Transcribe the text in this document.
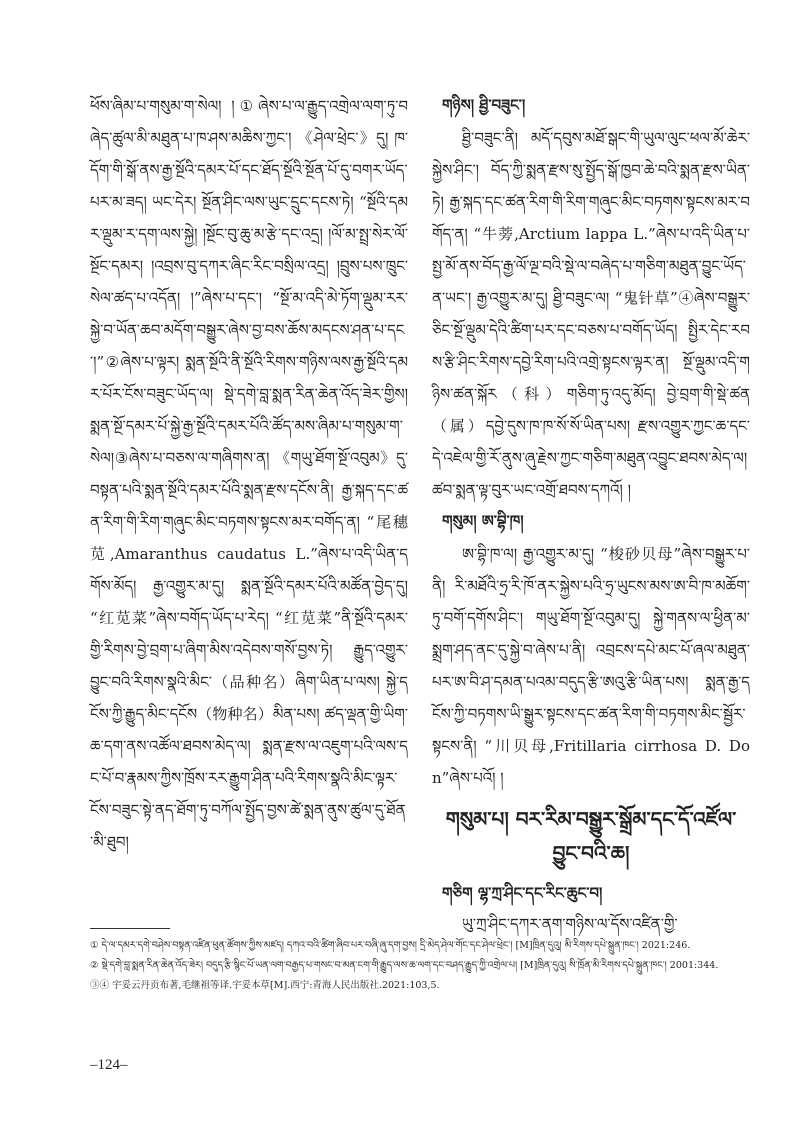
ཕོས་ཞིམ་པ་གསུམ་ག་སེལ། །①ཞེས་པ་ལ་རྒྱུད་འགྲེལ་ལག་ཏུ་བཞེད་ཚུལ་མི་མཐུན་པ་ཁ་ཤས་མཆིས་ཀྱང་། 《ཤེལ་ཕྲེང་》དུ། ཁ་དོག་གི་སྒོ་ནས་རྒྱ་སྔོའི་དམར་པོ་དང་ཐོད་སྔོའི་སྔོན་པོ་དུ་བགར་ཡོད་པར་མ་ཟད། ཡང་དེར། སྔོན་ཤིང་ལས་ཡུང་དྲུང་དངས་ཏེ། “སྔོའི་དམར་ལྡུམ་ར་དག་ལས་སྐྱེ། །སྔོང་བུ་ཆུ་མ་རྩེ་དང་འདྲ། །ལོ་མ་སྤྲ་སེར་ལོ་སྔོང་དམར། །འབྲས་བུ་དཀར་ཞིང་རིང་བསྲིལ་འདྲ། །བྲུས་པས་ཁྲུང་སེལ་ཚད་པ་འདོན། །”ཞེས་པ་དང་། “སྔོ་མ་འདི་མེ་ཏོག་ལྡུམ་རར་སྐྱེ་བ་ཡོན་ཆབ་མདོག་བསྒྱུར་ཞེས་བྱ་བས་ཆོས་མདངས་ཤན་པ་དང་།”②ཞེས་པ་ལྟར། སྨན་སྔོའི་ནི་སྔོའི་རིགས་གཉིས་ལས་རྒྱ་སྔོའི་དམར་པོར་ངོས་བཟུང་ཡོད་ལ། སྡེ་དགེ་བླ་སྨན་རིན་ཆེན་འོད་ཟེར་གྱིས། སྨན་སྔོ་དམར་པོ་སྐྱེ་རྒྱ་སྔོའི་དམར་པོའི་ཚོད་མས་ཞིམ་པ་གསུམ་ག་སེལ།③ཞེས་པ་བཅས་ལ་གཞིགས་ན། 《གཡུ་ཐོག་སྔོ་འབུམ》དུ་བསྟན་པའི་སྨན་སྔོའི་དམར་པོའི་སྨན་རྫས་དངོས་ནི། རྒྱ་སྐད་དང་ཚན་རིག་གི་རིག་གཞུང་མིང་བཏགས་སྟངས་མར་བགོད་ན། “尾穗苋,Amaranthus caudatus L.”ཞེས་པ་འདི་ཡིན་དགོས་མོད། རྒྱ་འགྱུར་མ་དུ། སྨན་སྔོའི་དམར་པོའི་མཚོན་བྱེད་དུ། “红苋菜”ཞེས་བགོད་ཡོད་པ་རེད། “红苋菜”ནི་སྔོའི་དམར་གྱི་རིགས་བྱེ་བྲག་པ་ཞིག་མིས་འདེབས་གསོ་བྱས་ཏེ། རྒྱུད་འགྱུར་བྱུང་བའི་རིགས་སྣའི་མིང་（品种名）ཞིག་ཡིན་པ་ལས། སྐྱེ་དངོས་ཀྱི་རྒྱུད་མིང་དངོས（物种名）མིན་པས། ཚད་ལྡན་གྱི་ཡིག་ཆ་དག་ནས་འཚོལ་ཐབས་མེད་ལ། སྨན་རྫས་ལ་འཇུག་པའི་ལས་དང་པོ་བ་རྣམས་ཀྱིས་ཁྲོས་རར་རྒྱུག་ཤིན་པའི་རིགས་སྣའི་མིང་ལྟར་ངོས་བཟུང་སྟེ་ནད་ཐོག་ཏུ་བཀོལ་སྤྱོད་བྱས་ཚེ་སྨན་ནུས་ཚུལ་དུ་ཐོན་མི་ཐུབ།

གཉིས། ཐྱི་བཟུང་།

ཐྱི་བཟུང་ནི། མདོ་དབུས་མཐོ་སྒང་གི་ཡུལ་ལུང་ཕལ་མོ་ཆེར་སྐྱེས་ཤིང་། བོད་ཀྱི་སྨན་རྫས་སུ་སྤྱོད་སྒོ་ཁྱབ་ཆེ་བའི་སྨན་རྫས་ཡིན་ཏེ། རྒྱ་སྐད་དང་ཚན་རིག་གི་རིག་གཞུང་མིང་བཏགས་སྟངས་མར་བགོད་ན། “牛蒡,Arctium lappa L.”ཞེས་པ་འདི་ཡིན་པ་སྤྱ་མོ་ནས་བོད་རྒྱ་ལོ་ལྔ་བའི་སྡེ་ལ་བཞེད་པ་གཅིག་མཐུན་བྱུང་ཡོད་ན་ཡང་། རྒྱ་འགྱུར་མ་དུ། ཐྱི་བཟུང་ལ། “鬼针草”④ཞེས་བསྒྱུར་ཅིང་སྔོ་ལྡུམ་དེའི་ཚིག་པར་དང་བཅས་པ་བགོད་ཡོད། སྤྱིར་དེང་རབས་རྩི་ཤིང་རིགས་དབྱེ་རིག་པའི་འགྲེ་སྟངས་ལྟར་ན། སྔོ་ལྡུམ་འདི་གཉིས་ཚན་སྐོར（科）གཅིག་ཏུ་འདུ་མོད། བྱེ་བྲག་གི་སྡེ་ཚན（属）དབྱེ་དུས་ཁ་ཁ་སོ་སོ་ཡིན་པས། རྫས་འགྱུར་ཀྱང་ཆ་དང་དེ་འཇེལ་གྱི་རོ་ནུས་ཞུ་རྗེས་ཀྱང་གཅིག་མཐུན་འབྱུང་ཐབས་མེད་ལ། ཚབ་སྨན་ལྟ་བུར་ཡང་འགྲོ་ཐབས་དཀའོ། །

གསུམ། ཨ་བྷི་ཁ།

ཨ་བྷི་ཁ་ལ། རྒྱ་འགྱུར་མ་དུ། “梭砂贝母”ཞེས་བསྒྱུར་པ་ནི། རི་མཐོའི་ཧྲ་རི་ཁོ་ནར་སྐྱེས་པའི་ཧྲ་ཡུངས་མས་ཨ་བི་ཁ་མཆོག་ཏུ་བགོ་དགོས་ཤིང་། གཡུ་ཐོག་སྔོ་འབུམ་དུ། སྐྱེ་གནས་ལ་ཕྱིན་མ་སྨྲག་ཤད་ནང་དུ་སྐྱེ་བ་ཞེས་པ་ནི། འབྲངས་དཔེ་མང་པོ་ཞལ་མཐུན་པར་ཨ་བི་ཤ་དམན་པའམ་བདུད་རྩི་ཨའུ་རྩི་ཡིན་པས། སྨན་རྒྱ་དངོས་ཀྱི་བཏགས་ཡི་སྒྱུར་སྟངས་དང་ཚན་རིག་གི་བཏགས་མིང་སྦྱོར་སྟངས་ནི། “川贝母,Fritillaria cirrhosa D. Don”ཞེས་པའོ། །

གསུམ་པ། བར་རིམ་བསྒྱུར་སྒྲོམ་དང་དོ་འཛོལ་བྱུང་བའི་ཆ།

གཅིག ལྷ་ཀྲ་ཤིང་དང་རིང་ཆུང་བ།

ཡུ་ཀྲ་ཤིང་དཀར་ནག་གཉིས་ལ་དོས་འཛིན་གྱི་

① དེ་ལ་དམར་དགེ་བཤེས་བསྟན་འཛིན་ཕུན་ཚོགས་ཀྱིས་མཛད། དཀའ་བའི་ཚིག་ཞིབ་པར་བཞི་ཞུ་དག་བྱས། དྲི་མེད་ཤེལ་གོང་དང་ཤེལ་ཕྲེང་། [M]ཁྲིན་དུའུ། མི་རིགས་དཔེ་སྐྲུན་ཁང་། 2021:246.

② སྡེ་དགེ་བླ་སྨན་རིན་ཆེན་འོད་ཟེར། བདུད་རྩི་སྙིང་པོ་ཡན་ལག་བརྒྱད་པ་གསང་བ་མན་ངག་གི་རྒྱུད་ལས་ཆ་ལག་དང་བཤད་རྒྱུད་ཀྱི་འགྲེལ་པ། [M]ཁྲིན་དུའུ། སི་ཁྲོན་མི་རིགས་དཔེ་སྐྲུན་ཁང་། 2001:344.

③④ 宇妥云丹贡布著,毛继祖等译.宇妥本草[M].西宁:青海人民出版社.2021:103,5.

–124–
